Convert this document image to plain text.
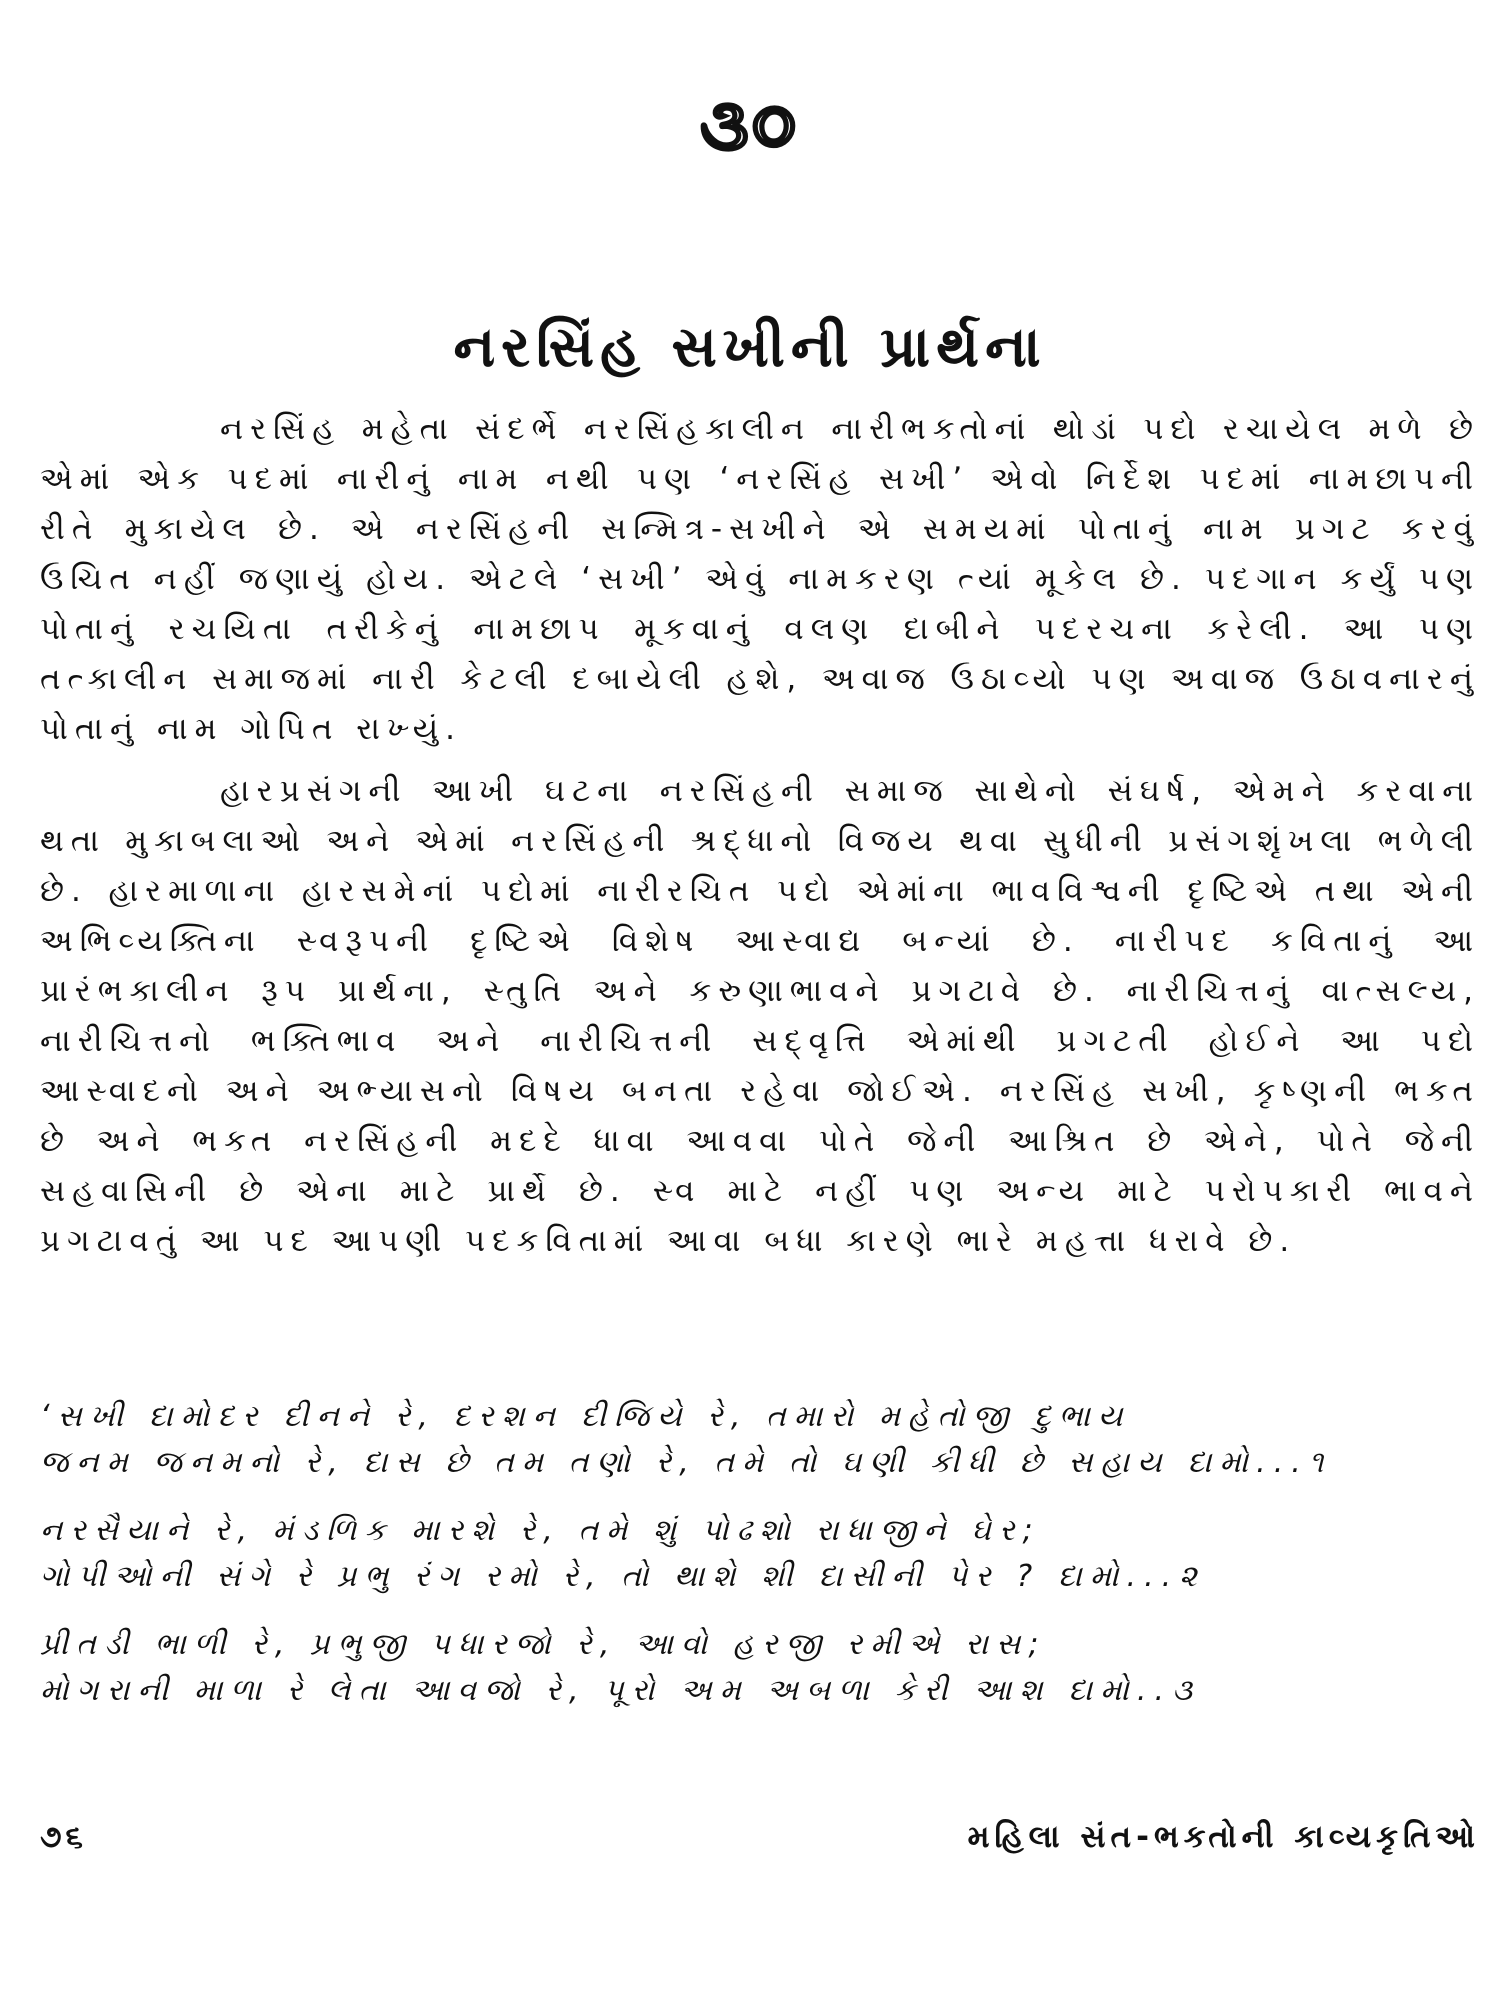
૩૦
નરસિંહ સખીની પ્રાર્થના

નરસિંહ મહેતા સંદર્ભે નરસિંહકાલીન નારીભક્તોનાં થોડાં પદો રચાયેલ મળે છે એમાં એક પદમાં નારીનું નામ નથી પણ ‘નરસિંહ સખી’ એવો નિર્દેશ પદમાં નામછાપની રીતે મુકાયેલ છે. એ નરસિંહની સન્મિત્ર-સખીને એ સમયમાં પોતાનું નામ પ્રગટ કરવું ઉચિત નહીં જણાયું હોય. એટલે ‘સખી’ એવું નામકરણ ત્યાં મૂકેલ છે. પદગાન કર્યું પણ પોતાનું રચયિતા તરીકેનું નામછાપ મૂકવાનું વલણ દાબીને પદરચના કરેલી. આ પણ તત્કાલીન સમાજમાં નારી કેટલી દબાયેલી હશે, અવાજ ઉઠાવ્યો પણ અવાજ ઉઠાવનારનું પોતાનું નામ ગોપિત રાખ્યું.

હારપ્રસંગની આખી ઘટના નરસિંહની સમાજ સાથેનો સંઘર્ષ, એમને કરવાના થતા મુકાબલાઓ અને એમાં નરસિંહની શ્રદ્ધાનો વિજય થવા સુધીની પ્રસંગશૃંખલા ભળેલી છે. હારમાળાના હારસમેનાં પદોમાં નારીરચિત પદો એમાંના ભાવવિશ્વની દૃષ્ટિએ તથા એની અભિવ્યક્તિના સ્વરૂપની દૃષ્ટિએ વિશેષ આસ્વાદ્ય બન્યાં છે. નારીપદ કવિતાનું આ પ્રારંભકાલીન રૂપ પ્રાર્થના, સ્તુતિ અને કરુણાભાવને પ્રગટાવે છે. નારીચિત્તનું વાત્સલ્ય, નારીચિત્તનો ભક્તિભાવ અને નારીચિત્તની સદ્‌વૃત્તિ એમાંથી પ્રગટતી હોઈને આ પદો આસ્વાદનો અને અભ્યાસનો વિષય બનતા રહેવા જોઈએ. નરસિંહ સખી, કૃષ્ણની ભક્ત છે અને ભક્ત નરસિંહની મદદે ધાવા આવવા પોતે જેની આશ્રિત છે એને, પોતે જેની સહવાસિની છે એના માટે પ્રાર્થે છે. સ્વ માટે નહીં પણ અન્ય માટે પરોપકારી ભાવને પ્રગટાવતું આ પદ આપણી પદકવિતામાં આવા બધા કારણે ભારે મહત્તા ધરાવે છે.

‘સખી દામોદર દીનને રે, દરશન દીજિયે રે, તમારો મહેતોજી દુભાય
જનમ જનમનો રે, દાસ છે તમ તણો રે, તમે તો ઘણી કીધી છે સહાય દામો...૧
નરસૈયાને રે, મંડળિક મારશે રે, તમે શું પોઢશો રાધાજીને ઘેર;
ગોપીઓની સંગે રે પ્રભુ રંગ રમો રે, તો થાશે શી દાસીની પેર ? દામો...૨
પ્રીતડી ભાળી રે, પ્રભુજી પધારજો રે, આવો હરજી રમીએ રાસ;
મોગરાની માળા રે લેતા આવજો રે, પૂરો અમ અબળા કેરી આશ દામો..૩
૭૬	મહિલા સંત-ભક્તોની કાવ્યકૃતિઓ
